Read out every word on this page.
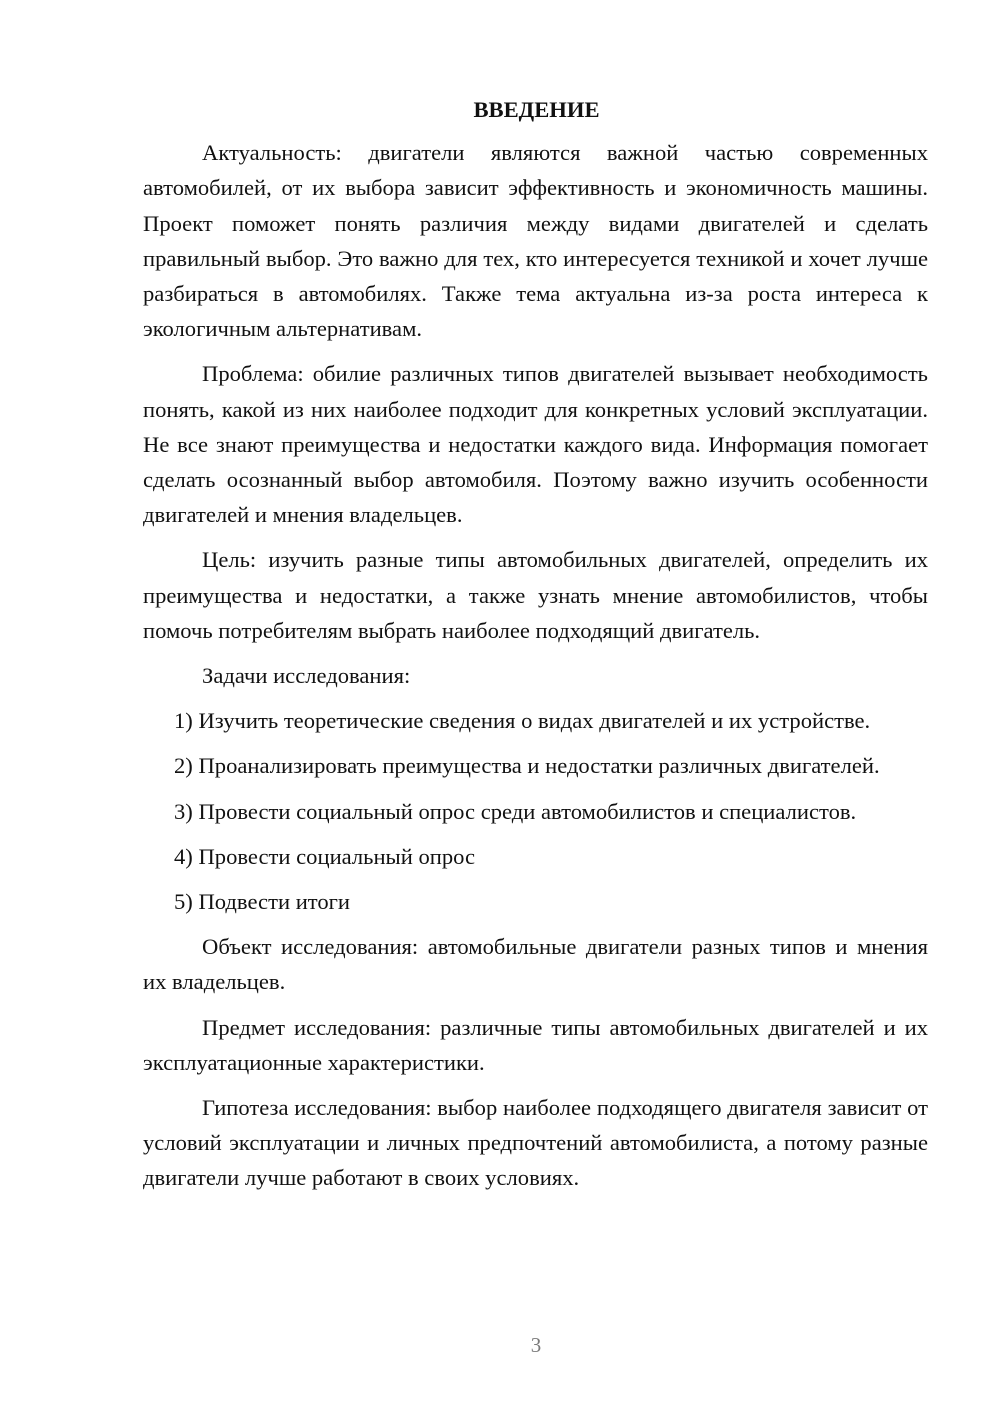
ВВЕДЕНИЕ

Актуальность: двигатели являются важной частью современных автомобилей, от их выбора зависит эффективность и экономичность машины. Проект поможет понять различия между видами двигателей и сделать правильный выбор. Это важно для тех, кто интересуется техникой и хочет лучше разбираться в автомобилях. Также тема актуальна из-за роста интереса к экологичным альтернативам.

Проблема: обилие различных типов двигателей вызывает необходимость понять, какой из них наиболее подходит для конкретных условий эксплуатации. Не все знают преимущества и недостатки каждого вида. Информация помогает сделать осознанный выбор автомобиля. Поэтому важно изучить особенности двигателей и мнения владельцев.

Цель: изучить разные типы автомобильных двигателей, определить их преимущества и недостатки, а также узнать мнение автомобилистов, чтобы помочь потребителям выбрать наиболее подходящий двигатель.

Задачи исследования:

1) Изучить теоретические сведения о видах двигателей и их устройстве.

2) Проанализировать преимущества и недостатки различных двигателей.

3) Провести социальный опрос среди автомобилистов и специалистов.

4) Провести социальный опрос

5) Подвести итоги

Объект исследования: автомобильные двигатели разных типов и мнения их владельцев.

Предмет исследования: различные типы автомобильных двигателей и их эксплуатационные характеристики.

Гипотеза исследования: выбор наиболее подходящего двигателя зависит от условий эксплуатации и личных предпочтений автомобилиста, а потому разные двигатели лучше работают в своих условиях.

3
